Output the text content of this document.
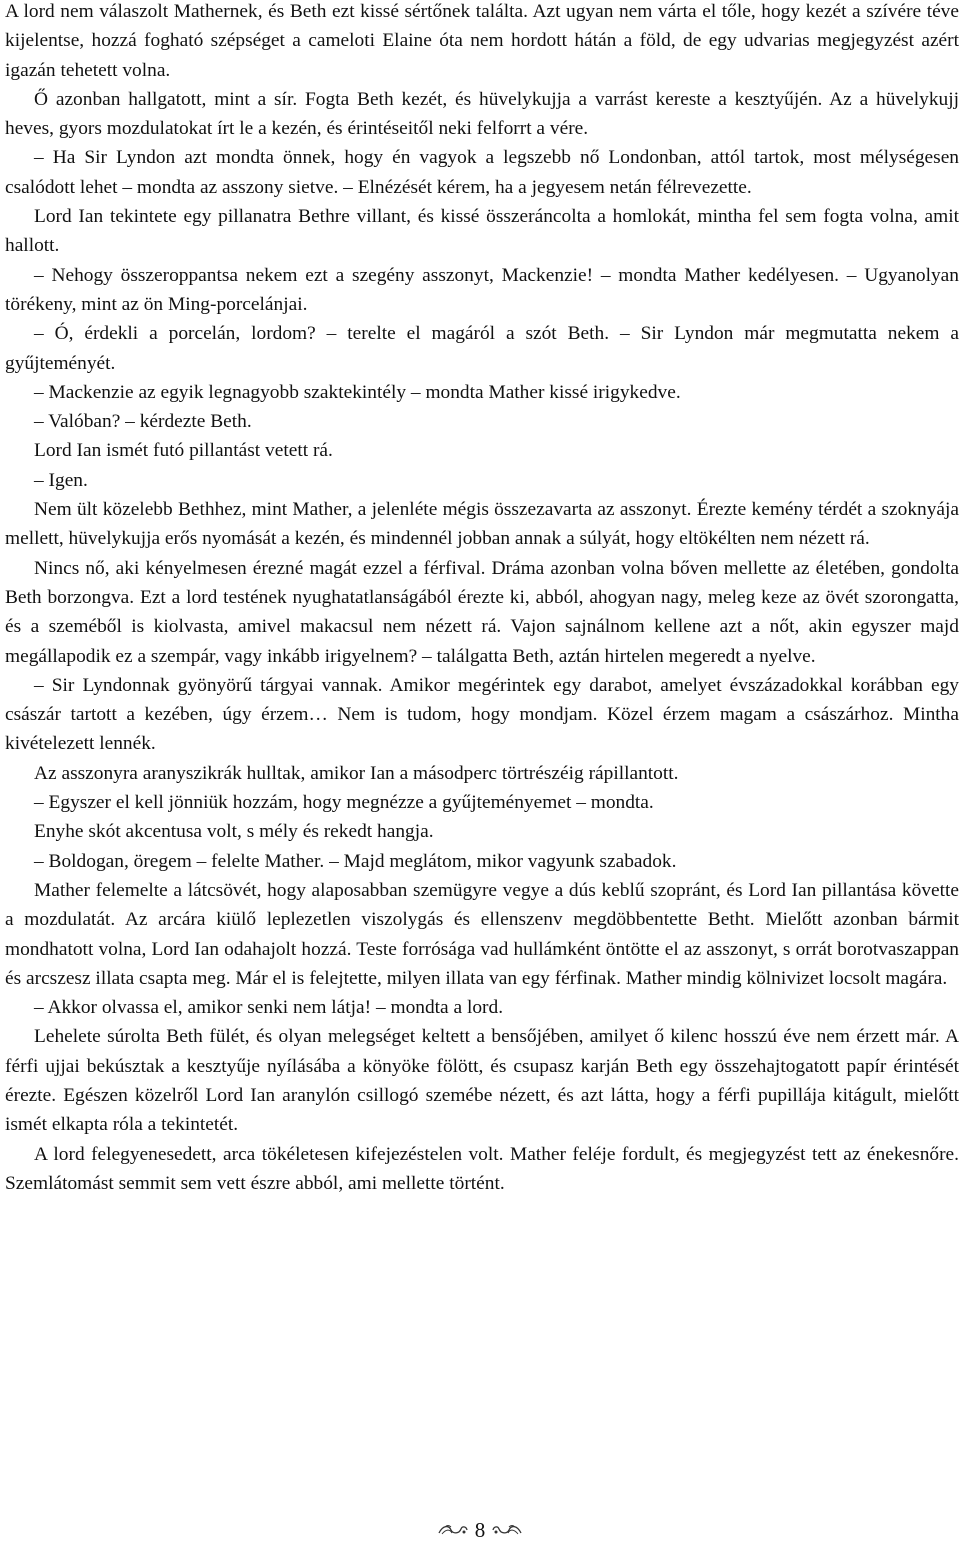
A lord nem válaszolt Mathernek, és Beth ezt kissé sértőnek találta. Azt ugyan nem várta el tőle, hogy kezét a szívére téve kijelentse, hozzá fogható szépséget a cameloti Elaine óta nem hordott hátán a föld, de egy udvarias megjegyzést azért igazán tehetett volna.

Ő azonban hallgatott, mint a sír. Fogta Beth kezét, és hüvelykujja a varrást kereste a kesztyűjén. Az a hüvelykujj heves, gyors mozdulatokat írt le a kezén, és érintéseitől neki felforrt a vére.

– Ha Sir Lyndon azt mondta önnek, hogy én vagyok a legszebb nő Londonban, attól tartok, most mélységesen csalódott lehet – mondta az asszony sietve. – Elnézését kérem, ha a jegyesem netán félrevezette.

Lord Ian tekintete egy pillanatra Bethre villant, és kissé összeráncolta a homlokát, mintha fel sem fogta volna, amit hallott.

– Nehogy összeroppantsa nekem ezt a szegény asszonyt, Mackenzie! – mondta Mather kedélyesen. – Ugyanolyan törékeny, mint az ön Ming-porcelánjai.

– Ó, érdekli a porcelán, lordom? – terelte el magáról a szót Beth. – Sir Lyndon már megmutatta nekem a gyűjteményét.

– Mackenzie az egyik legnagyobb szaktekintély – mondta Mather kissé irigykedve.

– Valóban? – kérdezte Beth.

Lord Ian ismét futó pillantást vetett rá.

– Igen.

Nem ült közelebb Bethhez, mint Mather, a jelenléte mégis összezavarta az asszonyt. Érezte kemény térdét a szoknyája mellett, hüvelykujja erős nyomását a kezén, és mindennél jobban annak a súlyát, hogy eltökélten nem nézett rá.

Nincs nő, aki kényelmesen érezné magát ezzel a férfival. Dráma azonban volna bőven mellette az életében, gondolta Beth borzongva. Ezt a lord testének nyughatatlanságából érezte ki, abból, ahogyan nagy, meleg keze az övét szorongatta, és a szeméből is kiolvasta, amivel makacsul nem nézett rá. Vajon sajnálnom kellene azt a nőt, akin egyszer majd megállapodik ez a szempár, vagy inkább irigyelnem? – találgatta Beth, aztán hirtelen megeredt a nyelve.

– Sir Lyndonnak gyönyörű tárgyai vannak. Amikor megérintek egy darabot, amelyet évszázadokkal korábban egy császár tartott a kezében, úgy érzem… Nem is tudom, hogy mondjam. Közel érzem magam a császárhoz. Mintha kivételezett lennék.

Az asszonyra aranyszikrák hulltak, amikor Ian a másodperc törtrészéig rápillantott.

– Egyszer el kell jönniük hozzám, hogy megnézze a gyűjteményemet – mondta.

Enyhe skót akcentusa volt, s mély és rekedt hangja.

– Boldogan, öregem – felelte Mather. – Majd meglátom, mikor vagyunk szabadok.

Mather felemelte a látcsövét, hogy alaposabban szemügyre vegye a dús keblű szopránt, és Lord Ian pillantása követte a mozdulatát. Az arcára kiülő leplezetlen viszolygás és ellenszenv megdöbbentette Betht. Mielőtt azonban bármit mondhatott volna, Lord Ian odahajolt hozzá. Teste forrósága vad hullámként öntötte el az asszonyt, s orrát borotvaszappan és arcszesz illata csapta meg. Már el is felejtette, milyen illata van egy férfinak. Mather mindig kölnivizet locsolt magára.

– Akkor olvassa el, amikor senki nem látja! – mondta a lord.

Lehelete súrolta Beth fülét, és olyan melegséget keltett a bensőjében, amilyet ő kilenc hosszú éve nem érzett már. A férfi ujjai bekúsztak a kesztyűje nyílásába a könyöke fölött, és csupasz karján Beth egy összehajtogatott papír érintését érezte. Egészen közelről Lord Ian aranylón csillogó szemébe nézett, és azt látta, hogy a férfi pupillája kitágult, mielőtt ismét elkapta róla a tekintetét.

A lord felegyenesedett, arca tökéletesen kifejezéstelen volt. Mather feléje fordult, és megjegyzést tett az énekesnőre. Szemlátomást semmit sem vett észre abból, ami mellette történt.

8
